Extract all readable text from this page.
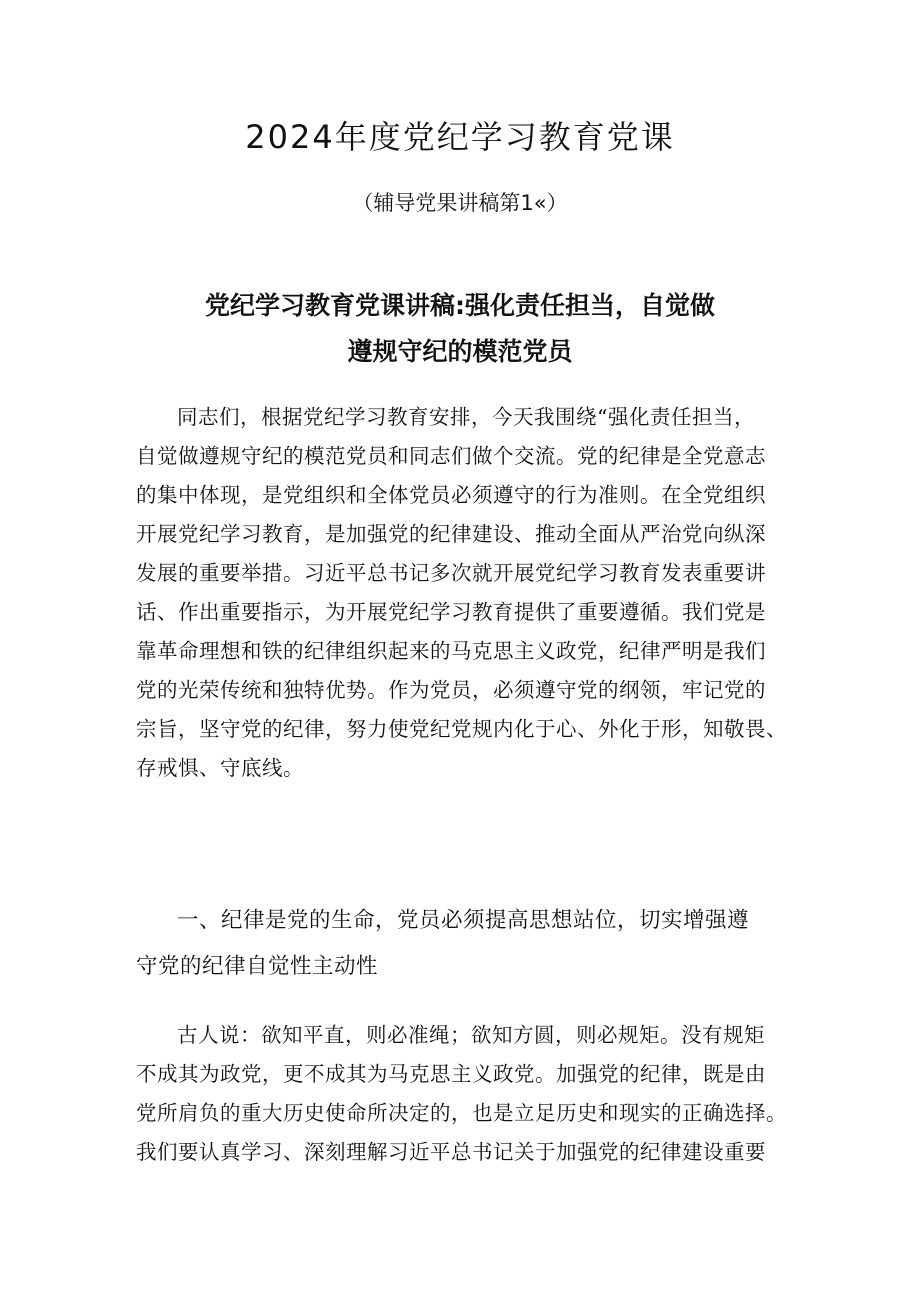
2024年度党纪学习教育党课
（辅导党果讲稿第1«）
党纪学习教育党课讲稿:强化责任担当，自觉做
遵规守纪的模范党员
同志们，根据党纪学习教育安排，今天我围绕“强化责任担当，
自觉做遵规守纪的模范党员和同志们做个交流。党的纪律是全党意志
的集中体现，是党组织和全体党员必须遵守的行为准则。在全党组织
开展党纪学习教育，是加强党的纪律建设、推动全面从严治党向纵深
发展的重要举措。习近平总书记多次就开展党纪学习教育发表重要讲
话、作出重要指示，为开展党纪学习教育提供了重要遵循。我们党是
靠革命理想和铁的纪律组织起来的马克思主义政党，纪律严明是我们
党的光荣传统和独特优势。作为党员，必须遵守党的纲领，牢记党的
宗旨，坚守党的纪律，努力使党纪党规内化于心、外化于形，知敬畏、
存戒惧、守底线。
一、纪律是党的生命，党员必须提高思想站位，切实增强遵
守党的纪律自觉性主动性
古人说：欲知平直，则必准绳；欲知方圆，则必规矩。没有规矩
不成其为政党，更不成其为马克思主义政党。加强党的纪律，既是由
党所肩负的重大历史使命所决定的，也是立足历史和现实的正确选择。
我们要认真学习、深刻理解习近平总书记关于加强党的纪律建设重要
